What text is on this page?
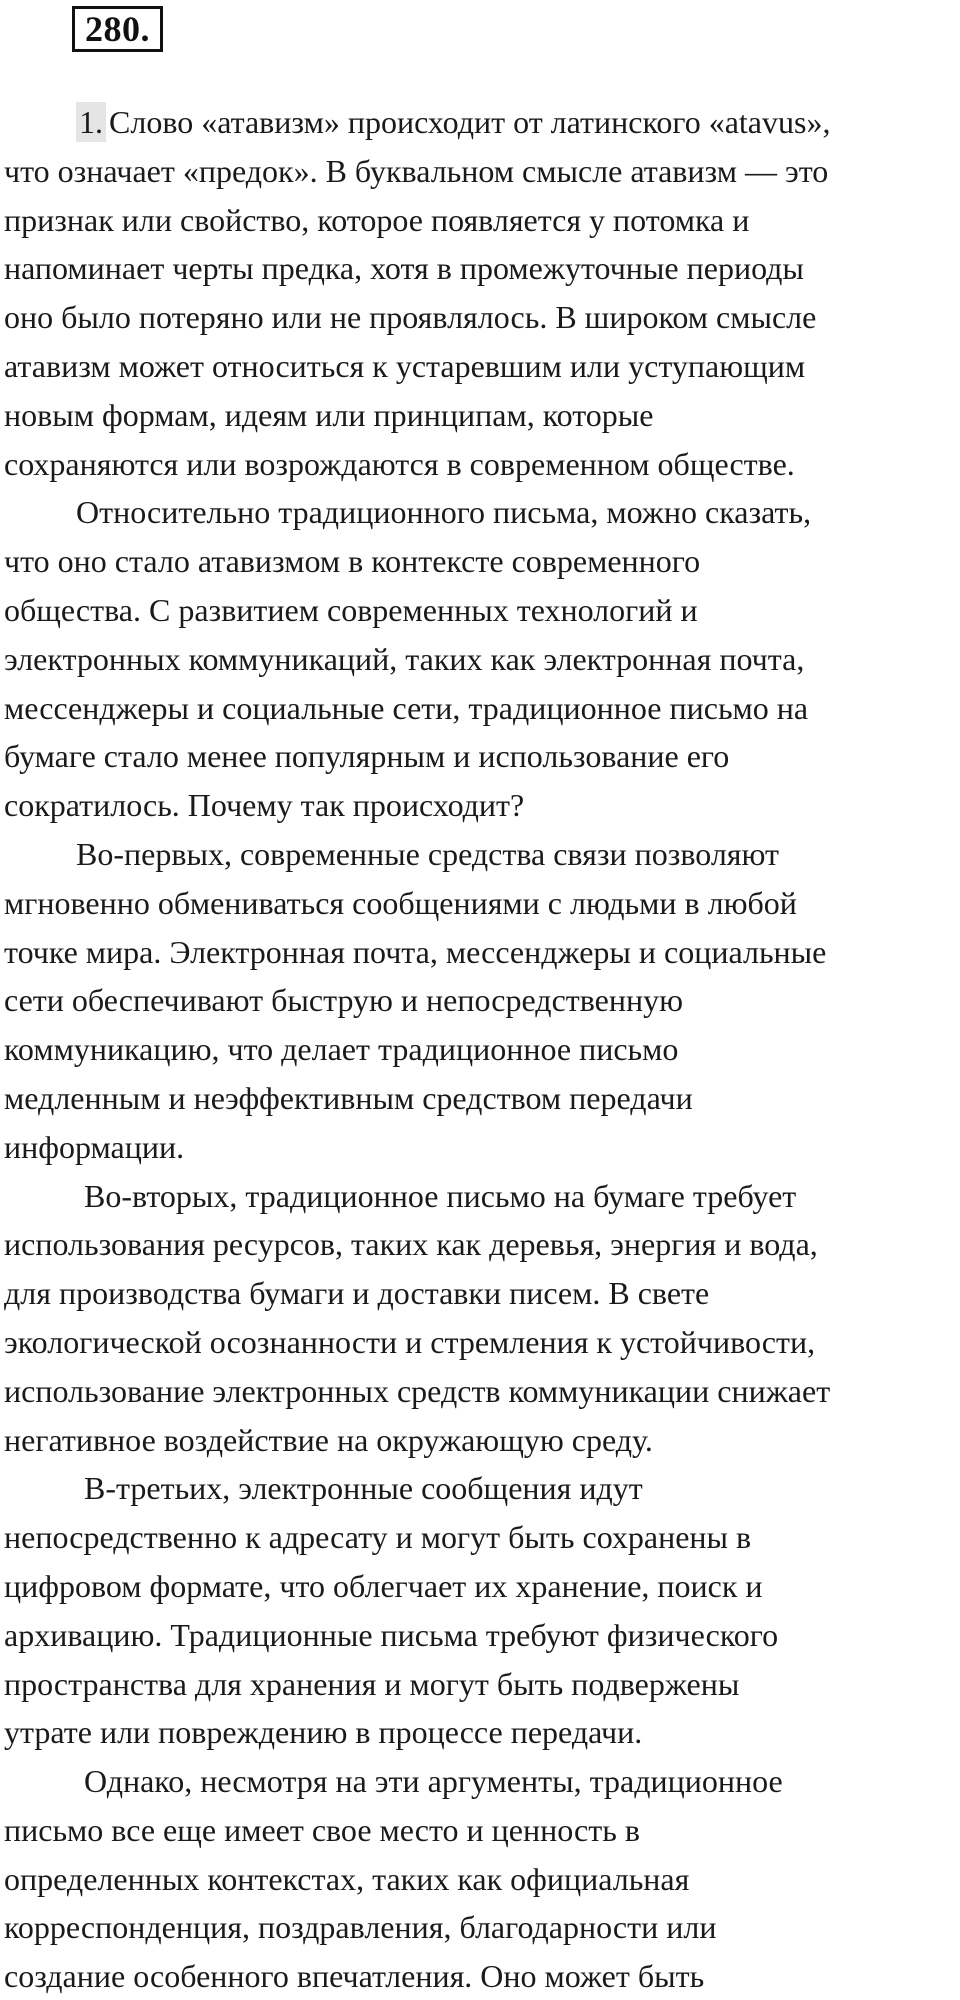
280.
1. Слово «атавизм» происходит от латинского «atavus»,
что означает «предок». В буквальном смысле атавизм — это
признак или свойство, которое появляется у потомка и
напоминает черты предка, хотя в промежуточные периоды
оно было потеряно или не проявлялось. В широком смысле
атавизм может относиться к устаревшим или уступающим
новым формам, идеям или принципам, которые
сохраняются или возрождаются в современном обществе.
Относительно традиционного письма, можно сказать,
что оно стало атавизмом в контексте современного
общества. С развитием современных технологий и
электронных коммуникаций, таких как электронная почта,
мессенджеры и социальные сети, традиционное письмо на
бумаге стало менее популярным и использование его
сократилось. Почему так происходит?
Во-первых, современные средства связи позволяют
мгновенно обмениваться сообщениями с людьми в любой
точке мира. Электронная почта, мессенджеры и социальные
сети обеспечивают быструю и непосредственную
коммуникацию, что делает традиционное письмо
медленным и неэффективным средством передачи
информации.
Во-вторых, традиционное письмо на бумаге требует
использования ресурсов, таких как деревья, энергия и вода,
для производства бумаги и доставки писем. В свете
экологической осознанности и стремления к устойчивости,
использование электронных средств коммуникации снижает
негативное воздействие на окружающую среду.
В-третьих, электронные сообщения идут
непосредственно к адресату и могут быть сохранены в
цифровом формате, что облегчает их хранение, поиск и
архивацию. Традиционные письма требуют физического
пространства для хранения и могут быть подвержены
утрате или повреждению в процессе передачи.
Однако, несмотря на эти аргументы, традиционное
письмо все еще имеет свое место и ценность в
определенных контекстах, таких как официальная
корреспонденция, поздравления, благодарности или
создание особенного впечатления. Оно может быть
